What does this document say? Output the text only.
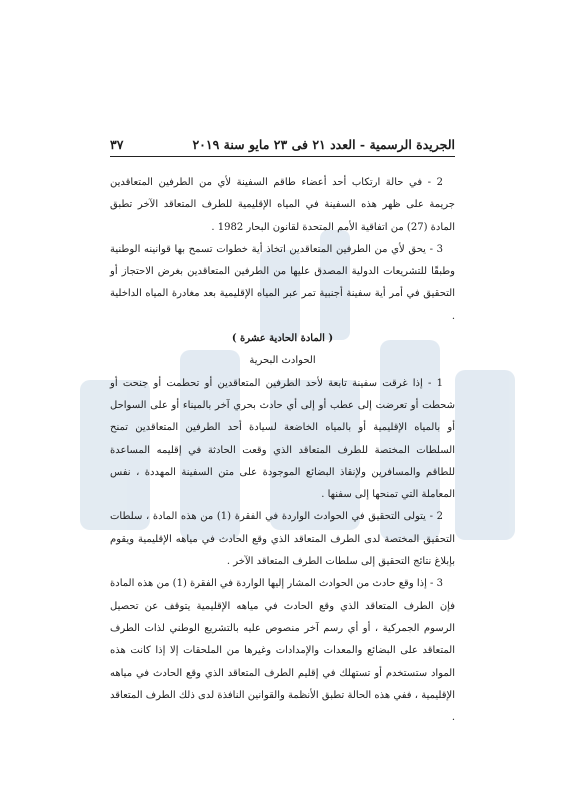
الجريدة الرسمية - العدد ٢١ فى ٢٣ مايو سنة ٢٠١٩
٣٧

2 - في حالة ارتكاب أحد أعضاء طاقم السفينة لأي من الطرفين المتعاقدين جريمة على ظهر هذه السفينة في المياه الإقليمية للطرف المتعاقد الآخر تطبق المادة (27) من اتفاقية الأمم المتحدة لقانون البحار 1982 .

3 - يحق لأي من الطرفين المتعاقدين اتخاذ أية خطوات تسمح بها قوانينه الوطنية وطبقًا للتشريعات الدولية المصدق عليها من الطرفين المتعاقدين بغرض الاحتجاز أو التحقيق في أمر أية سفينة أجنبية تمر عبر المياه الإقليمية بعد مغادرة المياه الداخلية .

( المادة الحادية عشرة )

الحوادث البحرية

1 - إذا غرقت سفينة تابعة لأحد الطرفين المتعاقدين أو تحطمت أو جنحت أو شحطت أو تعرضت إلى عطب أو إلى أي حادث بحري آخر بالميناء أو على السواحل أو بالمياه الإقليمية أو بالمياه الخاضعة لسيادة أحد الطرفين المتعاقدين تمنح السلطات المختصة للطرف المتعاقد الذي وقعت الحادثة في إقليمه المساعدة للطاقم والمسافرين ولإنقاذ البضائع الموجودة على متن السفينة المهددة ، نفس المعاملة التي تمنحها إلى سفنها .

2 - يتولى التحقيق في الحوادث الواردة في الفقرة (1) من هذه المادة ، سلطات التحقيق المختصة لدى الطرف المتعاقد الذي وقع الحادث في مياهه الإقليمية ويقوم بإبلاغ نتائج التحقيق إلى سلطات الطرف المتعاقد الآخر .

3 - إذا وقع حادث من الحوادث المشار إليها الواردة في الفقرة (1) من هذه المادة فإن الطرف المتعاقد الذي وقع الحادث في مياهه الإقليمية يتوقف عن تحصيل الرسوم الجمركية ، أو أي رسم آخر منصوص عليه بالتشريع الوطني لذات الطرف المتعاقد على البضائع والمعدات والإمدادات وغيرها من الملحقات إلا إذا كانت هذه المواد ستستخدم أو تستهلك في إقليم الطرف المتعاقد الذي وقع الحادث في مياهه الإقليمية ، ففي هذه الحالة تطبق الأنظمة والقوانين النافذة لدى ذلك الطرف المتعاقد .
